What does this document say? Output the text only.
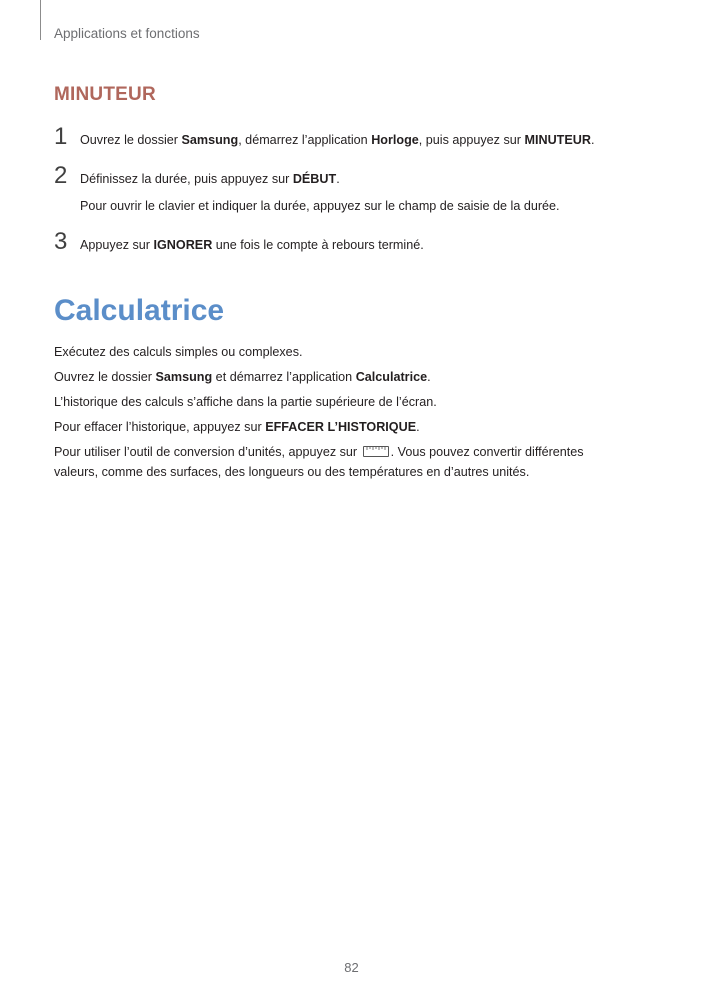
Applications et fonctions
MINUTEUR
1 Ouvrez le dossier Samsung, démarrez l’application Horloge, puis appuyez sur MINUTEUR.
2 Définissez la durée, puis appuyez sur DÉBUT.
Pour ouvrir le clavier et indiquer la durée, appuyez sur le champ de saisie de la durée.
3 Appuyez sur IGNORER une fois le compte à rebours terminé.
Calculatrice
Exécutez des calculs simples ou complexes.
Ouvrez le dossier Samsung et démarrez l’application Calculatrice.
L’historique des calculs s’affiche dans la partie supérieure de l’écran.
Pour effacer l’historique, appuyez sur EFFACER L’HISTORIQUE.
Pour utiliser l’outil de conversion d’unités, appuyez sur
. Vous pouvez convertir différentes
valeurs, comme des surfaces, des longueurs ou des températures en d’autres unités.
82
